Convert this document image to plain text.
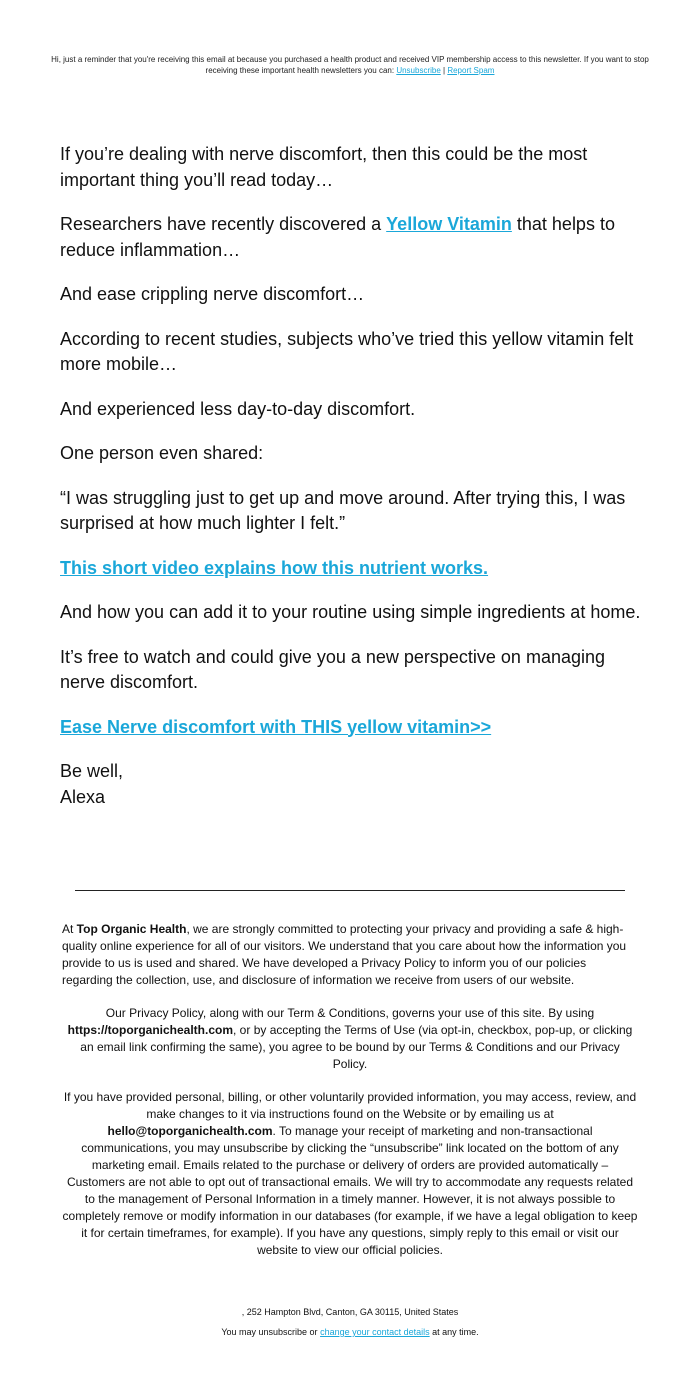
Hi, just a reminder that you're receiving this email at because you purchased a health product and received VIP membership access to this newsletter. If you want to stop receiving these important health newsletters you can: Unsubscribe | Report Spam

If you’re dealing with nerve discomfort, then this could be the most important thing you’ll read today…

Researchers have recently discovered a Yellow Vitamin that helps to reduce inflammation…

And ease crippling nerve discomfort…

According to recent studies, subjects who’ve tried this yellow vitamin felt more mobile…

And experienced less day-to-day discomfort.

One person even shared:

“I was struggling just to get up and move around. After trying this, I was surprised at how much lighter I felt.”

This short video explains how this nutrient works.

And how you can add it to your routine using simple ingredients at home.

It’s free to watch and could give you a new perspective on managing nerve discomfort.

Ease Nerve discomfort with THIS yellow vitamin>>

Be well,
Alexa

At Top Organic Health, we are strongly committed to protecting your privacy and providing a safe & high-quality online experience for all of our visitors. We understand that you care about how the information you provide to us is used and shared. We have developed a Privacy Policy to inform you of our policies regarding the collection, use, and disclosure of information we receive from users of our website.

Our Privacy Policy, along with our Term & Conditions, governs your use of this site. By using https://toporganichealth.com, or by accepting the Terms of Use (via opt-in, checkbox, pop-up, or clicking an email link confirming the same), you agree to be bound by our Terms & Conditions and our Privacy Policy.

If you have provided personal, billing, or other voluntarily provided information, you may access, review, and make changes to it via instructions found on the Website or by emailing us at hello@toporganichealth.com. To manage your receipt of marketing and non-transactional communications, you may unsubscribe by clicking the “unsubscribe” link located on the bottom of any marketing email. Emails related to the purchase or delivery of orders are provided automatically – Customers are not able to opt out of transactional emails. We will try to accommodate any requests related to the management of Personal Information in a timely manner. However, it is not always possible to completely remove or modify information in our databases (for example, if we have a legal obligation to keep it for certain timeframes, for example). If you have any questions, simply reply to this email or visit our website to view our official policies.

, 252 Hampton Blvd, Canton, GA 30115, United States
You may unsubscribe or change your contact details at any time.
